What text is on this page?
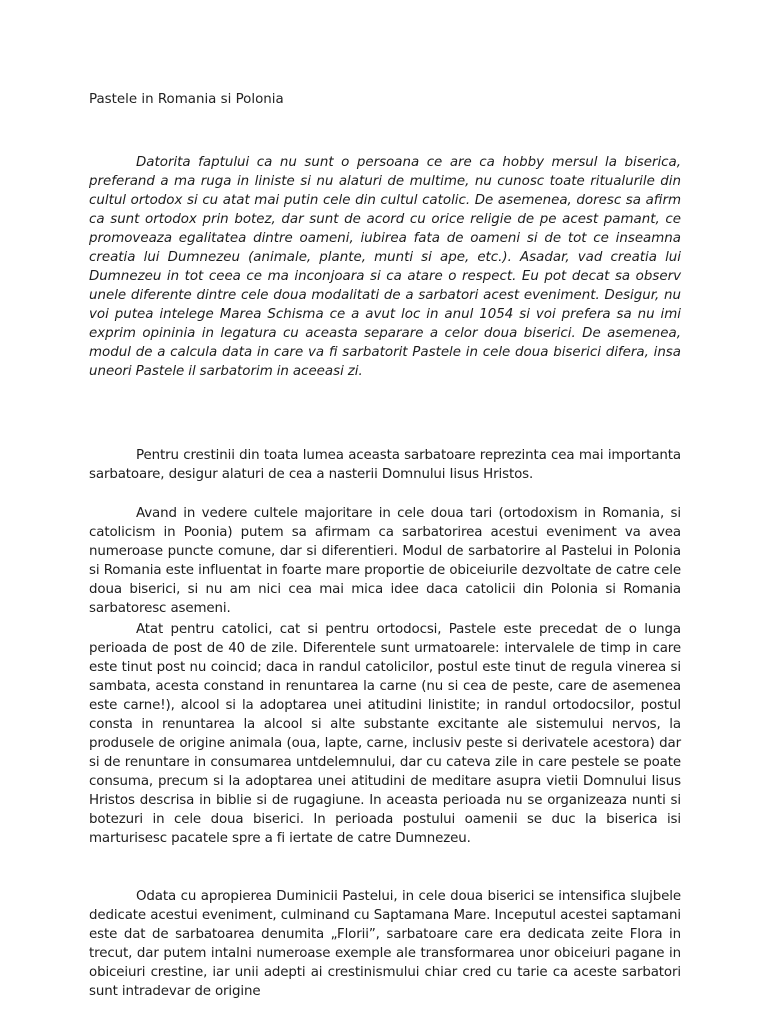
Pastele in Romania si Polonia

Datorita faptului ca nu sunt o persoana ce are ca hobby mersul la biserica, preferand a ma ruga in liniste si nu alaturi de multime, nu cunosc toate ritualurile din cultul ortodox si cu atat mai putin cele din cultul catolic. De asemenea, doresc sa afirm ca sunt ortodox prin botez, dar sunt de acord cu orice religie de pe acest pamant, ce promoveaza egalitatea dintre oameni, iubirea fata de oameni si de tot ce inseamna creatia lui Dumnezeu (animale, plante, munti si ape, etc.). Asadar, vad creatia lui Dumnezeu in tot ceea ce ma inconjoara si ca atare o respect. Eu pot decat sa observ unele diferente dintre cele doua modalitati de a sarbatori acest eveniment. Desigur, nu voi putea intelege Marea Schisma ce a avut loc in anul 1054 si voi prefera sa nu imi exprim opininia in legatura cu aceasta separare a celor doua biserici. De asemenea, modul de a calcula data in care va fi sarbatorit Pastele in cele doua biserici difera, insa uneori Pastele il sarbatorim in aceeasi zi.

Pentru crestinii din toata lumea aceasta sarbatoare reprezinta cea mai importanta sarbatoare, desigur alaturi de cea a nasterii Domnului Iisus Hristos.

Avand in vedere cultele majoritare in cele doua tari (ortodoxism in Romania, si catolicism in Poonia) putem sa afirmam ca sarbatorirea acestui eveniment va avea numeroase puncte comune, dar si diferentieri. Modul de sarbatorire al Pastelui in Polonia si Romania este influentat in foarte mare proportie de obiceiurile dezvoltate de catre cele doua biserici, si nu am nici cea mai mica idee daca catolicii din Polonia si Romania sarbatoresc asemeni.

Atat pentru catolici, cat si pentru ortodocsi, Pastele este precedat de o lunga perioada de post de 40 de zile. Diferentele sunt urmatoarele: intervalele de timp in care este tinut post nu coincid; daca in randul catolicilor, postul este tinut de regula vinerea si sambata, acesta constand in renuntarea la carne (nu si cea de peste, care de asemenea este carne!), alcool si la adoptarea unei atitudini linistite; in randul ortodocsilor, postul consta in renuntarea la alcool si alte substante excitante ale sistemului nervos, la produsele de origine animala (oua, lapte, carne, inclusiv peste si derivatele acestora) dar si de renuntare in consumarea untdelemnului, dar cu cateva zile in care pestele se poate consuma, precum si la adoptarea unei atitudini de meditare asupra vietii Domnului Iisus Hristos descrisa in biblie si de rugagiune. In aceasta perioada nu se organizeaza nunti si botezuri in cele doua biserici. In perioada postului oamenii se duc la biserica isi marturisesc pacatele spre a fi iertate de catre Dumnezeu.

Odata cu apropierea Duminicii Pastelui, in cele doua biserici se intensifica slujbele dedicate acestui eveniment, culminand cu Saptamana Mare. Inceputul acestei saptamani este dat de sarbatoarea denumita „Florii”, sarbatoare care era dedicata zeite Flora in trecut, dar putem intalni numeroase exemple ale transformarea unor obiceiuri pagane in obiceiuri crestine, iar unii adepti ai crestinismului chiar cred cu tarie ca aceste sarbatori sunt intradevar de origine
